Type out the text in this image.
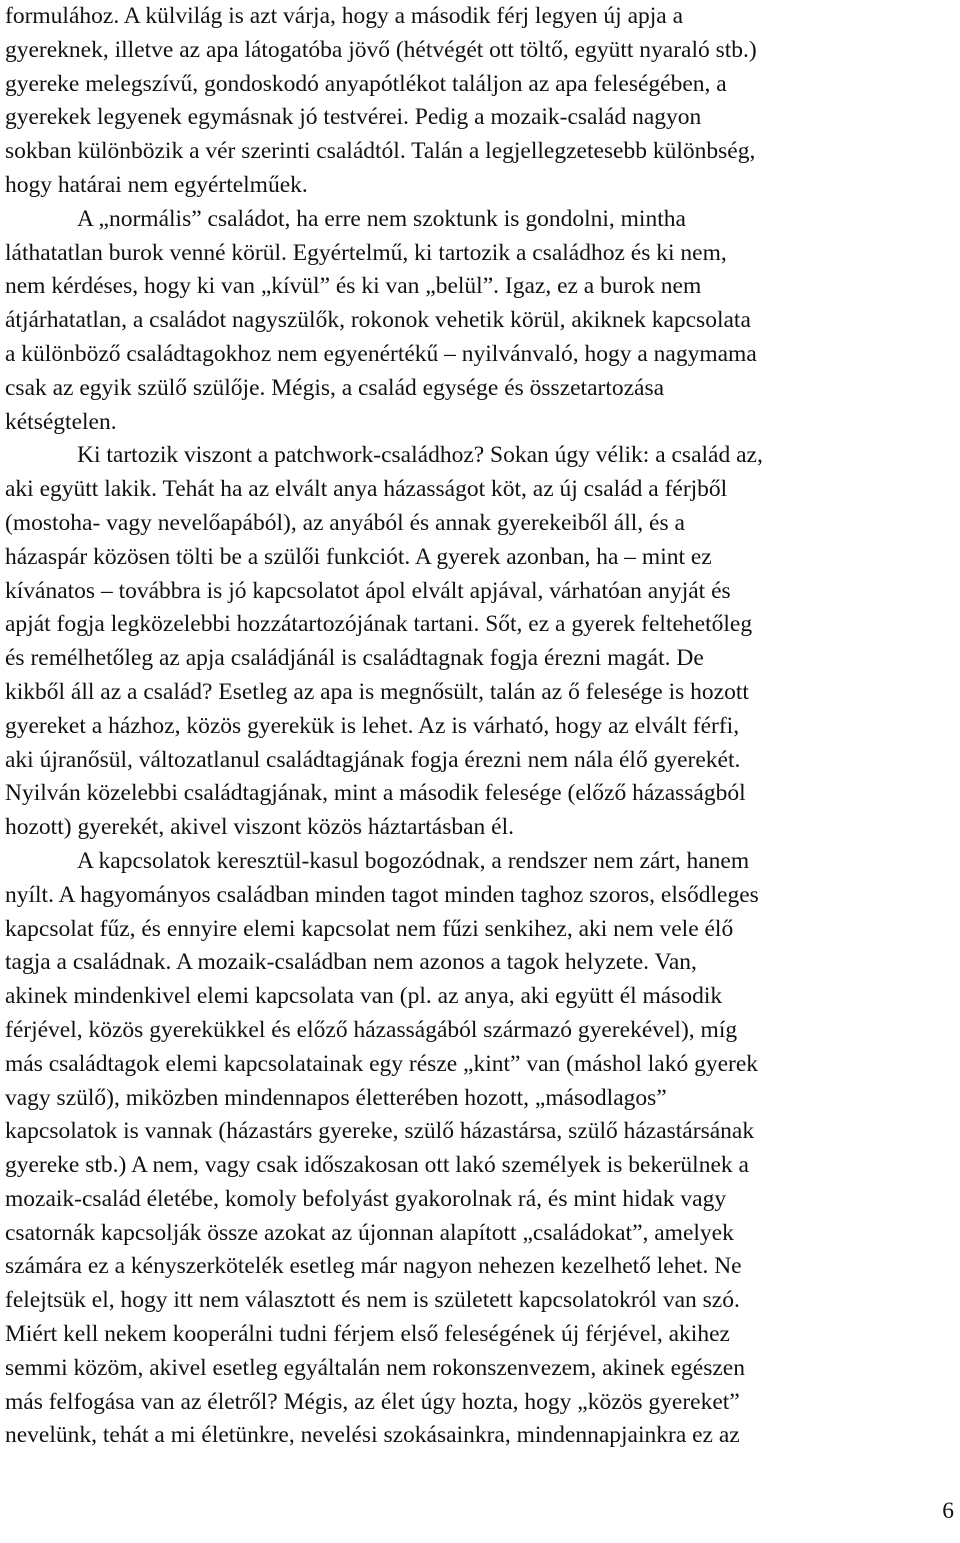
formulához. A külvilág is azt várja, hogy a második férj legyen új apja a
gyereknek, illetve az apa látogatóba jövő (hétvégét ott töltő, együtt nyaraló stb.)
gyereke melegszívű, gondoskodó anyapótlékot találjon az apa feleségében, a
gyerekek legyenek egymásnak jó testvérei. Pedig a mozaik-család nagyon
sokban különbözik a vér szerinti családtól. Talán a legjellegzetesebb különbség,
hogy határai nem egyértelműek.
A „normális” családot, ha erre nem szoktunk is gondolni, mintha
láthatatlan burok venné körül. Egyértelmű, ki tartozik a családhoz és ki nem,
nem kérdéses, hogy ki van „kívül” és ki van „belül”. Igaz, ez a burok nem
átjárhatatlan, a családot nagyszülők, rokonok vehetik körül, akiknek kapcsolata
a különböző családtagokhoz nem egyenértékű – nyilvánvaló, hogy a nagymama
csak az egyik szülő szülője. Mégis, a család egysége és összetartozása
kétségtelen.
Ki tartozik viszont a patchwork-családhoz? Sokan úgy vélik: a család az,
aki együtt lakik. Tehát ha az elvált anya házasságot köt, az új család a férjből
(mostoha- vagy nevelőapából), az anyából és annak gyerekeiből áll, és a
házaspár közösen tölti be a szülői funkciót. A gyerek azonban, ha – mint ez
kívánatos – továbbra is jó kapcsolatot ápol elvált apjával, várhatóan anyját és
apját fogja legközelebbi hozzátartozójának tartani. Sőt, ez a gyerek feltehetőleg
és remélhetőleg az apja családjánál is családtagnak fogja érezni magát. De
kikből áll az a család? Esetleg az apa is megnősült, talán az ő felesége is hozott
gyereket a házhoz, közös gyerekük is lehet. Az is várható, hogy az elvált férfi,
aki újranősül, változatlanul családtagjának fogja érezni nem nála élő gyerekét.
Nyilván közelebbi családtagjának, mint a második felesége (előző házasságból
hozott) gyerekét, akivel viszont közös háztartásban él.
A kapcsolatok keresztül-kasul bogozódnak, a rendszer nem zárt, hanem
nyílt. A hagyományos családban minden tagot minden taghoz szoros, elsődleges
kapcsolat fűz, és ennyire elemi kapcsolat nem fűzi senkihez, aki nem vele élő
tagja a családnak. A mozaik-családban nem azonos a tagok helyzete. Van,
akinek mindenkivel elemi kapcsolata van (pl. az anya, aki együtt él második
férjével, közös gyerekükkel és előző házasságából származó gyerekével), míg
más családtagok elemi kapcsolatainak egy része „kint” van (máshol lakó gyerek
vagy szülő), miközben mindennapos életterében hozott, „másodlagos”
kapcsolatok is vannak (házastárs gyereke, szülő házastársa, szülő házastársának
gyereke stb.) A nem, vagy csak időszakosan ott lakó személyek is bekerülnek a
mozaik-család életébe, komoly befolyást gyakorolnak rá, és mint hidak vagy
csatornák kapcsolják össze azokat az újonnan alapított „családokat”, amelyek
számára ez a kényszerkötelék esetleg már nagyon nehezen kezelhető lehet. Ne
felejtsük el, hogy itt nem választott és nem is született kapcsolatokról van szó.
Miért kell nekem kooperálni tudni férjem első feleségének új férjével, akihez
semmi közöm, akivel esetleg egyáltalán nem rokonszenvezem, akinek egészen
más felfogása van az életről? Mégis, az élet úgy hozta, hogy „közös gyereket”
nevelünk, tehát a mi életünkre, nevelési szokásainkra, mindennapjainkra ez az
6
